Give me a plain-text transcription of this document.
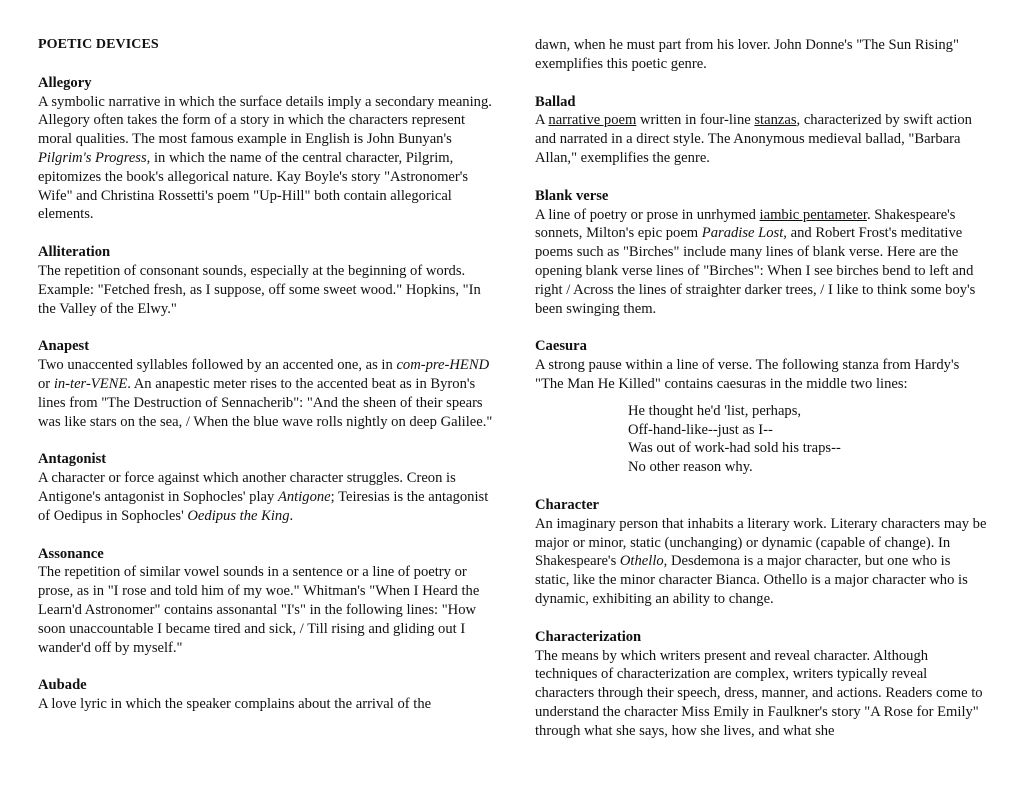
POETIC DEVICES
Allegory
A symbolic narrative in which the surface details imply a secondary meaning. Allegory often takes the form of a story in which the characters represent moral qualities. The most famous example in English is John Bunyan's Pilgrim's Progress, in which the name of the central character, Pilgrim, epitomizes the book's allegorical nature. Kay Boyle's story "Astronomer's Wife" and Christina Rossetti's poem "Up-Hill" both contain allegorical elements.
Alliteration
The repetition of consonant sounds, especially at the beginning of words. Example: "Fetched fresh, as I suppose, off some sweet wood." Hopkins, "In the Valley of the Elwy."
Anapest
Two unaccented syllables followed by an accented one, as in com-pre-HEND or in-ter-VENE. An anapestic meter rises to the accented beat as in Byron's lines from "The Destruction of Sennacherib": "And the sheen of their spears was like stars on the sea, / When the blue wave rolls nightly on deep Galilee."
Antagonist
A character or force against which another character struggles. Creon is Antigone's antagonist in Sophocles' play Antigone; Teiresias is the antagonist of Oedipus in Sophocles' Oedipus the King.
Assonance
The repetition of similar vowel sounds in a sentence or a line of poetry or prose, as in "I rose and told him of my woe." Whitman's "When I Heard the Learn'd Astronomer" contains assonantal "I's" in the following lines: "How soon unaccountable I became tired and sick, / Till rising and gliding out I wander'd off by myself."
Aubade
A love lyric in which the speaker complains about the arrival of the
dawn, when he must part from his lover. John Donne's "The Sun Rising" exemplifies this poetic genre.
Ballad
A narrative poem written in four-line stanzas, characterized by swift action and narrated in a direct style. The Anonymous medieval ballad, "Barbara Allan," exemplifies the genre.
Blank verse
A line of poetry or prose in unrhymed iambic pentameter. Shakespeare's sonnets, Milton's epic poem Paradise Lost, and Robert Frost's meditative poems such as "Birches" include many lines of blank verse. Here are the opening blank verse lines of "Birches": When I see birches bend to left and right / Across the lines of straighter darker trees, / I like to think some boy's been swinging them.
Caesura
A strong pause within a line of verse. The following stanza from Hardy's "The Man He Killed" contains caesuras in the middle two lines:
He thought he'd 'list, perhaps,
Off-hand-like--just as I--
Was out of work-had sold his traps--
No other reason why.
Character
An imaginary person that inhabits a literary work. Literary characters may be major or minor, static (unchanging) or dynamic (capable of change). In Shakespeare's Othello, Desdemona is a major character, but one who is static, like the minor character Bianca. Othello is a major character who is dynamic, exhibiting an ability to change.
Characterization
The means by which writers present and reveal character. Although techniques of characterization are complex, writers typically reveal characters through their speech, dress, manner, and actions. Readers come to understand the character Miss Emily in Faulkner's story "A Rose for Emily" through what she says, how she lives, and what she
